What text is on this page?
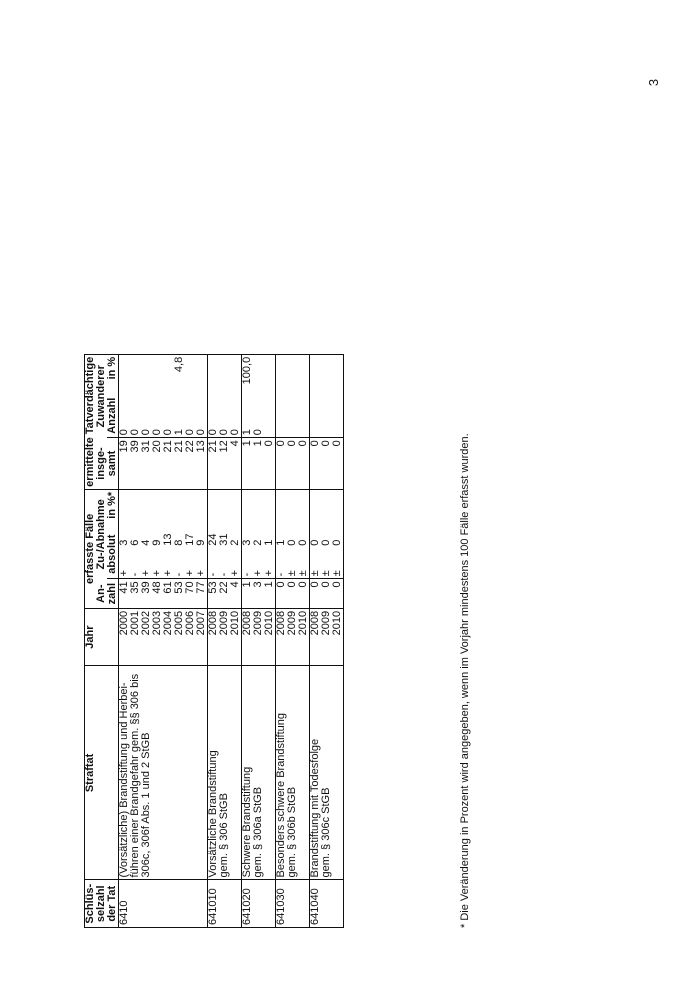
3
Schlüs- selzahl der Tat	Straftat	Jahr	erfasste Fälle				ermittelte Tatverdächtige			

			An- zahl	Zu-/Abnahme			insge- samt	Zuwanderer		
				absolut		in %*		Anzahl	in %	
6410	(Vorsätzliche) Brandstiftung und Herbei- führen einer Brandgefahr gem. §§ 306 bis 306c, 306f Abs. 1 und 2 StGB	2000	41	+	3		19	0		
		2001	35	-	6		39	0		
		2002	39	+	4		31	0		
		2003	48	+	9		20	0		
		2004	61	+	13		21	0		
		2005	53	-	8		21	1	4,8	
		2006	70	+	17		22	0		
		2007	77	+	9		13	0		
641010	Vorsätzliche Brandstiftung gem. § 306 StGB	2008	53	-	24		21	0		
		2009	22	-	31		12	0		
		2010	4	+	2		4	0		
641020	Schwere Brandstiftung gem. § 306a StGB	2008	1	-	3		1	1	100,0	
		2009	3	+	2		1	0		
		2010	1	+	1		0			
641030	Besonders schwere Brandstiftung gem. § 306b StGB	2008	0	-	1		0			
		2009	0	±	0		0			
		2010	0	±	0		0			
641040	Brandstiftung mit Todesfolge gem. § 306c StGB	2008	0	±	0		0			
		2009	0	±	0		0			
		2010	0	±	0		0				* Die Veränderung in Prozent wird angegeben, wenn im Vorjahr mindestens 100 Fälle erfasst wurden.
